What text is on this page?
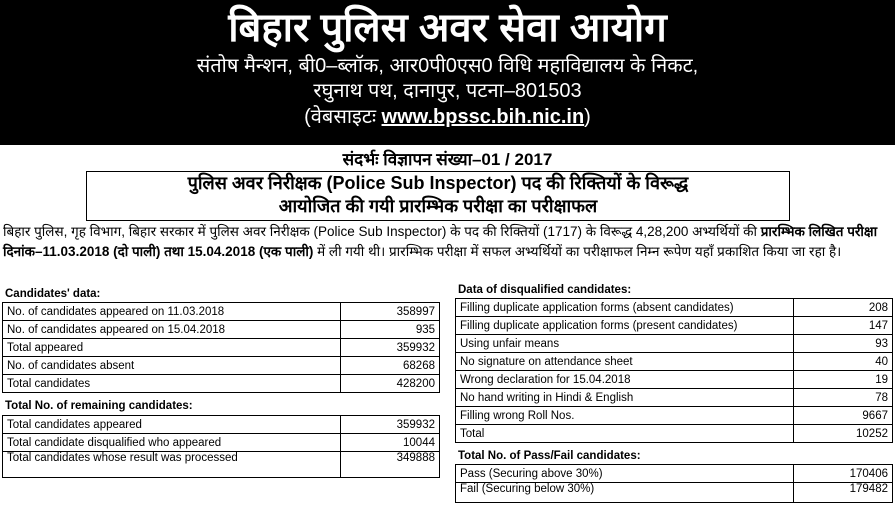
बिहार पुलिस अवर सेवा आयोग
संतोष मैन्शन, बी0–ब्लॉक, आर0पी0एस0 विधि महाविद्यालय के निकट,
रघुनाथ पथ, दानापुर, पटना–801503
(वेबसाइटः www.bpssc.bih.nic.in)
संदर्भः विज्ञापन संख्या–01 / 2017
पुलिस अवर निरीक्षक (Police Sub Inspector) पद की रिक्तियों के विरूद्ध
आयोजित की गयी प्रारम्भिक परीक्षा का परीक्षाफल
बिहार पुलिस, गृह विभाग, बिहार सरकार में पुलिस अवर निरीक्षक (Police Sub Inspector) के पद की रिक्तियों (1717) के विरूद्ध 4,28,200 अभ्यर्थियों की प्रारम्भिक लिखित परीक्षा दिनांक–11.03.2018 (दो पाली) तथा 15.04.2018 (एक पाली) में ली गयी थी। प्रारम्भिक परीक्षा में सफल अभ्यर्थियों का परीक्षाफल निम्न रूपेण यहाँ प्रकाशित किया जा रहा है।
Candidates' data:
No. of candidates appeared on 11.03.2018	358997
No. of candidates appeared on 15.04.2018	935
Total appeared	359932
No. of candidates absent	68268
Total candidates	428200
Total No. of remaining candidates:
Total candidates appeared	359932
Total candidate disqualified who appeared	10044
Total candidates whose result was processed	349888
Data of disqualified candidates:
Filling duplicate application forms (absent candidates)	208
Filling duplicate application forms (present candidates)	147
Using unfair means	93
No signature on attendance sheet	40
Wrong declaration for 15.04.2018	19
No hand writing in Hindi & English	78
Filling wrong Roll Nos.	9667
Total	10252
Total No. of Pass/Fail candidates:
Pass (Securing above 30%)	170406
Fail (Securing below 30%)	179482
